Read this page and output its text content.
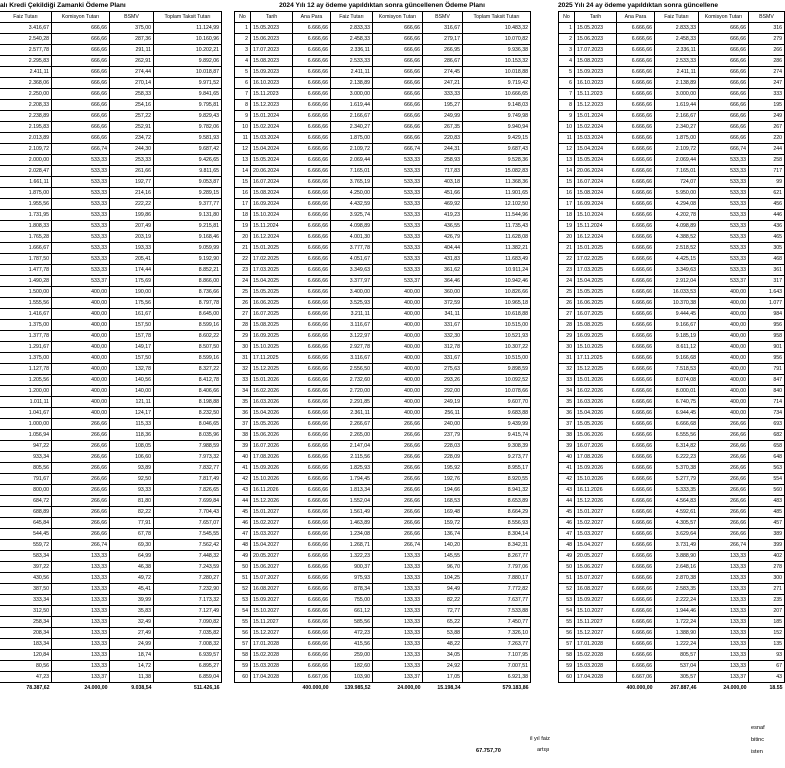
alı Kredi Çekildiği Zamanki Ödeme Planı
Faiz Tutarı	Komisyon Tutarı	BSMV	Toplam Taksit Tutarı
3.416,67	666,66	375,00	11.124,99
2.540,28	666,66	287,36	10.160,96
2.577,78	666,66	291,11	10.202,21
2.295,83	666,66	262,91	9.892,06
2.411,11	666,66	274,44	10.018,87
2.368,06	666,66	270,14	9.971,52
2.250,00	666,66	258,33	9.841,65
2.208,33	666,66	254,16	9.795,81
2.238,89	666,66	257,22	9.829,43
2.195,83	666,66	252,91	9.782,06
2.013,89	666,66	234,72	9.581,93
2.109,72	666,74	244,30	9.687,42
2.000,00	533,33	253,33	9.426,65
2.028,47	533,33	261,66	9.811,65
1.661,11	533,33	192,77	9.053,87
1.875,00	533,33	214,16	9.289,15
1.955,56	533,33	222,22	9.377,77
1.731,95	533,33	199,86	9.131,80
1.808,33	533,33	207,49	9.215,81
1.765,28	533,33	203,19	9.168,46
1.666,67	533,33	193,33	9.059,99
1.787,50	533,33	205,41	9.192,90
1.477,78	533,33	174,44	8.852,21
1.490,28	533,37	175,69	8.866,00
1.500,00	400,00	190,00	8.736,66
1.555,56	400,00	175,56	8.797,78
1.416,67	400,00	161,67	8.645,00
1.375,00	400,00	157,50	8.599,16
1.377,78	400,00	157,78	8.602,22
1.291,67	400,00	149,17	8.507,50
1.375,00	400,00	157,50	8.599,16
1.127,78	400,00	132,78	8.327,22
1.205,56	400,00	140,56	8.412,78
1.200,00	400,00	140,00	8.406,66
1.011,11	400,00	121,11	8.198,88
1.041,67	400,00	124,17	8.232,50
1.000,00	266,66	115,33	8.046,65
1.056,94	266,66	118,36	8.035,96
947,22	266,66	108,05	7.988,59
933,34	266,66	106,60	7.973,32
805,56	266,66	93,89	7.832,77
791,67	266,66	92,50	7.817,49
800,00	266,66	93,33	7.826,65
684,72	266,66	81,80	7.699,84
688,89	266,66	82,22	7.704,43
645,84	266,66	77,91	7.657,07
544,45	266,66	67,78	7.545,55
559,72	266,74	69,30	7.562,42
583,34	133,33	64,99	7.448,32
397,22	133,33	46,38	7.243,59
430,56	133,33	49,72	7.280,27
387,50	133,33	45,41	7.232,90
333,34	133,33	39,99	7.173,32
312,50	133,33	35,83	7.127,49
258,34	133,33	32,49	7.090,82
208,34	133,33	27,49	7.035,82
183,34	133,33	24,99	7.008,32
120,84	133,33	18,74	6.939,57
80,56	133,33	14,72	6.895,27
47,23	133,37	11,38	6.859,04
78.387,62	24.000,00	9.038,54	511.426,16
2024 Yılı 12 ay ödeme yapıldıktan sonra güncellenen Ödeme Planı
No	Tarih	Ana Para	Faiz Tutarı	Komisyon Tutarı	BSMV	Toplam Taksit Tutarı
1	15.05.2023	6.666,66	2.833,33	666,66	316,67	10.483,32
2	15.06.2023	6.666,66	2.458,33	666,66	279,17	10.070,82
3	17.07.2023	6.666,66	2.336,11	666,66	266,95	9.936,38
4	15.08.2023	6.666,66	2.533,33	666,66	286,67	10.153,32
5	15.09.2023	6.666,66	2.411,11	666,66	274,45	10.018,88
6	16.10.2023	6.666,66	2.138,89	666,66	247,21	9.719,42
7	15.11.2023	6.666,66	3.000,00	666,66	333,33	10.666,65
8	15.12.2023	6.666,66	1.619,44	666,66	195,27	9.148,03
9	15.01.2024	6.666,66	2.166,67	666,66	249,99	9.749,98
10	15.02.2024	6.666,66	2.340,27	666,66	267,35	9.940,94
11	15.03.2024	6.666,66	1.875,00	666,66	220,83	9.429,15
12	15.04.2024	6.666,66	2.109,72	666,74	244,31	9.687,43
13	15.05.2024	6.666,66	2.069,44	533,33	258,93	9.528,36
14	20.06.2024	6.666,66	7.165,01	533,33	717,83	15.082,83
15	16.07.2024	6.666,66	3.765,19	533,33	403,18	11.368,36
16	15.08.2024	6.666,66	4.250,00	533,33	451,66	11.901,65
17	16.09.2024	6.666,66	4.432,59	533,33	469,92	12.102,50
18	15.10.2024	6.666,66	3.925,74	533,33	419,23	11.544,96
19	15.11.2024	6.666,66	4.098,89	533,33	436,55	11.735,43
20	16.12.2024	6.666,66	4.001,30	533,33	426,79	11.628,08
21	15.01.2025	6.666,66	3.777,78	533,33	404,44	11.382,21
22	17.02.2025	6.666,66	4.051,67	533,33	431,83	11.683,49
23	17.03.2025	6.666,66	3.349,63	533,33	361,62	10.911,24
24	15.04.2025	6.666,66	3.377,97	533,37	364,46	10.942,46
25	15.05.2025	6.666,66	3.400,00	400,00	360,00	10.826,66
26	16.06.2025	6.666,66	3.525,93	400,00	372,59	10.965,18
27	16.07.2025	6.666,66	3.211,11	400,00	341,11	10.618,88
28	15.08.2025	6.666,66	3.116,67	400,00	331,67	10.515,00
29	16.09.2025	6.666,66	3.122,97	400,00	332,30	10.521,93
30	15.10.2025	6.666,66	2.927,78	400,00	312,78	10.307,22
31	17.11.2025	6.666,66	3.116,67	400,00	331,67	10.515,00
32	15.12.2025	6.666,66	2.556,50	400,00	275,63	9.898,59
33	15.01.2026	6.666,66	2.732,60	400,00	293,26	10.092,52
34	16.02.2026	6.666,66	2.720,00	400,00	292,00	10.078,66
35	16.03.2026	6.666,66	2.291,85	400,00	249,19	9.607,70
36	15.04.2026	6.666,66	2.361,11	400,00	256,11	9.683,88
37	15.05.2026	6.666,66	2.266,67	266,66	240,00	9.439,99
38	15.06.2026	6.666,66	2.265,00	266,66	237,79	9.415,74
39	16.07.2026	6.666,66	2.147,04	266,66	228,03	9.308,39
40	17.08.2026	6.666,66	2.115,56	266,66	228,09	9.273,77
41	15.09.2026	6.666,66	1.825,93	266,66	195,92	8.955,17
42	15.10.2026	6.666,66	1.794,45	266,66	192,76	8.920,55
43	16.11.2026	6.666,66	1.813,34	266,66	194,66	8.941,32
44	15.12.2026	6.666,66	1.552,04	266,66	168,53	8.653,89
45	15.01.2027	6.666,66	1.561,49	266,66	169,48	8.664,29
46	15.02.2027	6.666,66	1.463,89	266,66	159,72	8.556,93
47	15.03.2027	6.666,66	1.234,08	266,66	136,74	8.304,14
48	15.04.2027	6.666,66	1.268,71	266,74	140,20	8.342,31
49	20.05.2027	6.666,66	1.322,23	133,33	145,55	8.267,77
50	15.06.2027	6.666,66	900,37	133,33	96,70	7.797,06
51	15.07.2027	6.666,66	975,93	133,33	104,25	7.880,17
52	16.08.2027	6.666,66	878,34	133,33	94,49	7.772,82
53	15.09.2027	6.666,66	755,00	133,33	82,22	7.637,77
54	15.10.2027	6.666,66	661,12	133,33	72,77	7.533,88
55	15.11.2027	6.666,66	585,56	133,33	65,22	7.450,77
56	15.12.2027	6.666,66	472,23	133,33	53,88	7.326,10
57	17.01.2028	6.666,66	415,56	133,33	48,22	7.263,77
58	15.02.2028	6.666,66	259,00	133,33	34,05	7.107,95
59	15.03.2028	6.666,66	182,60	133,33	24,92	7.007,51
60	17.04.2028	6.667,06	103,90	133,37	17,05	6.921,38
		400.000,00	139.985,52	24.000,00	15.198,34	579.183,86
2025 Yılı 24 ay ödeme yapıldıktan sonra güncellene
No	Tarih	Ana Para	Faiz Tutarı	Komisyon Tutarı	BSMV
1	15.05.2023	6.666,66	2.833,33	666,66	316
2	15.06.2023	6.666,66	2.458,33	666,66	279
3	17.07.2023	6.666,66	2.336,11	666,66	266
4	15.08.2023	6.666,66	2.533,33	666,66	286
5	15.09.2023	6.666,66	2.411,11	666,66	274
6	16.10.2023	6.666,66	2.138,89	666,66	247
7	15.11.2023	6.666,66	3.000,00	666,66	333
8	15.12.2023	6.666,66	1.619,44	666,66	195
9	15.01.2024	6.666,66	2.166,67	666,66	249
10	15.02.2024	6.666,66	2.340,27	666,66	267
11	15.03.2024	6.666,66	1.875,00	666,66	220
12	15.04.2024	6.666,66	2.109,72	666,74	244
13	15.05.2024	6.666,66	2.069,44	533,33	258
14	20.06.2024	6.666,66	7.165,01	533,33	717
15	16.07.2024	6.666,66	724,07	533,33	99
16	15.08.2024	6.666,66	5.950,00	533,33	621
17	16.09.2024	6.666,66	4.294,08	533,33	456
18	15.10.2024	6.666,66	4.202,78	533,33	446
19	15.11.2024	6.666,66	4.098,89	533,33	436
20	16.12.2024	6.666,66	4.388,52	533,33	465
21	15.01.2025	6.666,66	2.518,52	533,33	305
22	17.02.2025	6.666,66	4.425,15	533,33	468
23	17.03.2025	6.666,66	3.349,63	533,33	361
24	15.04.2025	6.666,66	2.912,04	533,37	317
25	15.05.2025	6.666,66	16.033,53	400,00	1.643
26	16.06.2025	6.666,66	10.370,38	400,00	1.077
27	16.07.2025	6.666,66	9.444,45	400,00	984
28	15.08.2025	6.666,66	9.166,67	400,00	956
29	16.09.2025	6.666,66	9.185,19	400,00	958
30	15.10.2025	6.666,66	8.611,12	400,00	901
31	17.11.2025	6.666,66	9.166,68	400,00	956
32	15.12.2025	6.666,66	7.518,53	400,00	791
33	15.01.2026	6.666,66	8.074,08	400,00	847
34	16.02.2026	6.666,66	8.000,01	400,00	840
35	16.03.2026	6.666,66	6.740,75	400,00	714
36	15.04.2026	6.666,66	6.944,45	400,00	734
37	15.05.2026	6.666,66	6.666,68	266,66	693
38	15.06.2026	6.666,66	6.555,56	266,66	682
39	16.07.2026	6.666,66	6.314,82	266,66	658
40	17.08.2026	6.666,66	6.222,23	266,66	648
41	15.09.2026	6.666,66	5.370,38	266,66	563
42	15.10.2026	6.666,66	5.277,79	266,66	554
43	16.11.2026	6.666,66	5.333,35	266,66	560
44	15.12.2026	6.666,66	4.564,83	266,66	483
45	15.01.2027	6.666,66	4.592,61	266,66	485
46	15.02.2027	6.666,66	4.305,57	266,66	457
47	15.03.2027	6.666,66	3.629,64	266,66	389
48	15.04.2027	6.666,66	3.731,49	266,74	399
49	20.05.2027	6.666,66	3.888,90	133,33	402
50	15.06.2027	6.666,66	2.648,16	133,33	278
51	15.07.2027	6.666,66	2.870,38	133,33	300
52	16.08.2027	6.666,66	2.583,35	133,33	271
53	15.09.2027	6.666,66	2.222,24	133,33	235
54	15.10.2027	6.666,66	1.944,46	133,33	207
55	15.11.2027	6.666,66	1.722,24	133,33	185
56	15.12.2027	6.666,66	1.388,90	133,33	152
57	17.01.2028	6.666,66	1.222,24	133,33	135
58	15.02.2028	6.666,66	805,57	133,33	93
59	15.03.2028	6.666,66	537,04	133,33	67
60	17.04.2028	6.667,06	305,57	133,37	43
		400.000,00	267.887,46	24.000,00	18.55
67.757,70
il yıl faiz
artışı
esnaf
bitinc
isten
